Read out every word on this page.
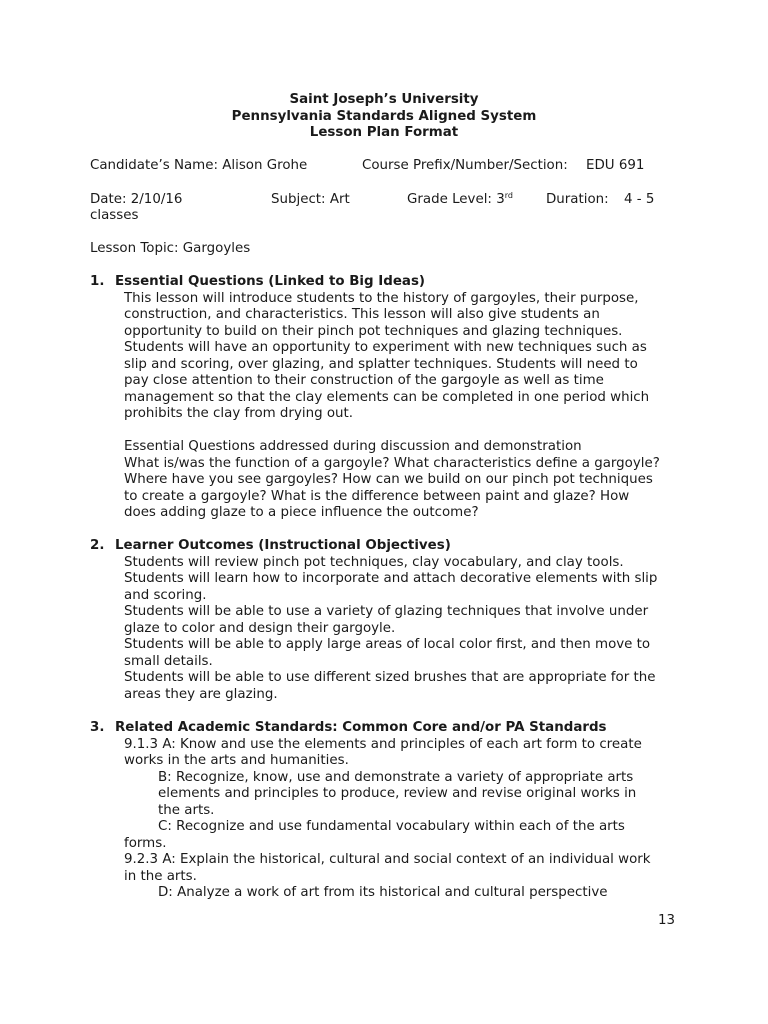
Saint Joseph’s University
Pennsylvania Standards Aligned System
Lesson Plan Format
Candidate’s Name: Alison Grohe	Course Prefix/Number/Section: EDU 691
Date: 2/10/16	Subject: Art	Grade Level: 3rd Duration: 4 - 5
classes
Lesson Topic: Gargoyles
1. Essential Questions (Linked to Big Ideas)
This lesson will introduce students to the history of gargoyles, their purpose,
construction, and characteristics. This lesson will also give students an
opportunity to build on their pinch pot techniques and glazing techniques.
Students will have an opportunity to experiment with new techniques such as
slip and scoring, over glazing, and splatter techniques. Students will need to
pay close attention to their construction of the gargoyle as well as time
management so that the clay elements can be completed in one period which
prohibits the clay from drying out.
Essential Questions addressed during discussion and demonstration
What is/was the function of a gargoyle? What characteristics define a gargoyle?
Where have you see gargoyles? How can we build on our pinch pot techniques
to create a gargoyle? What is the difference between paint and glaze? How
does adding glaze to a piece influence the outcome?
2. Learner Outcomes (Instructional Objectives)
Students will review pinch pot techniques, clay vocabulary, and clay tools.
Students will learn how to incorporate and attach decorative elements with slip
and scoring.
Students will be able to use a variety of glazing techniques that involve under
glaze to color and design their gargoyle.
Students will be able to apply large areas of local color first, and then move to
small details.
Students will be able to use different sized brushes that are appropriate for the
areas they are glazing.
3. Related Academic Standards: Common Core and/or PA Standards
9.1.3 A: Know and use the elements and principles of each art form to create
works in the arts and humanities.
B: Recognize, know, use and demonstrate a variety of appropriate arts
elements and principles to produce, review and revise original works in
the arts.
C: Recognize and use fundamental vocabulary within each of the arts
forms.
9.2.3 A: Explain the historical, cultural and social context of an individual work
in the arts.
D: Analyze a work of art from its historical and cultural perspective
13
